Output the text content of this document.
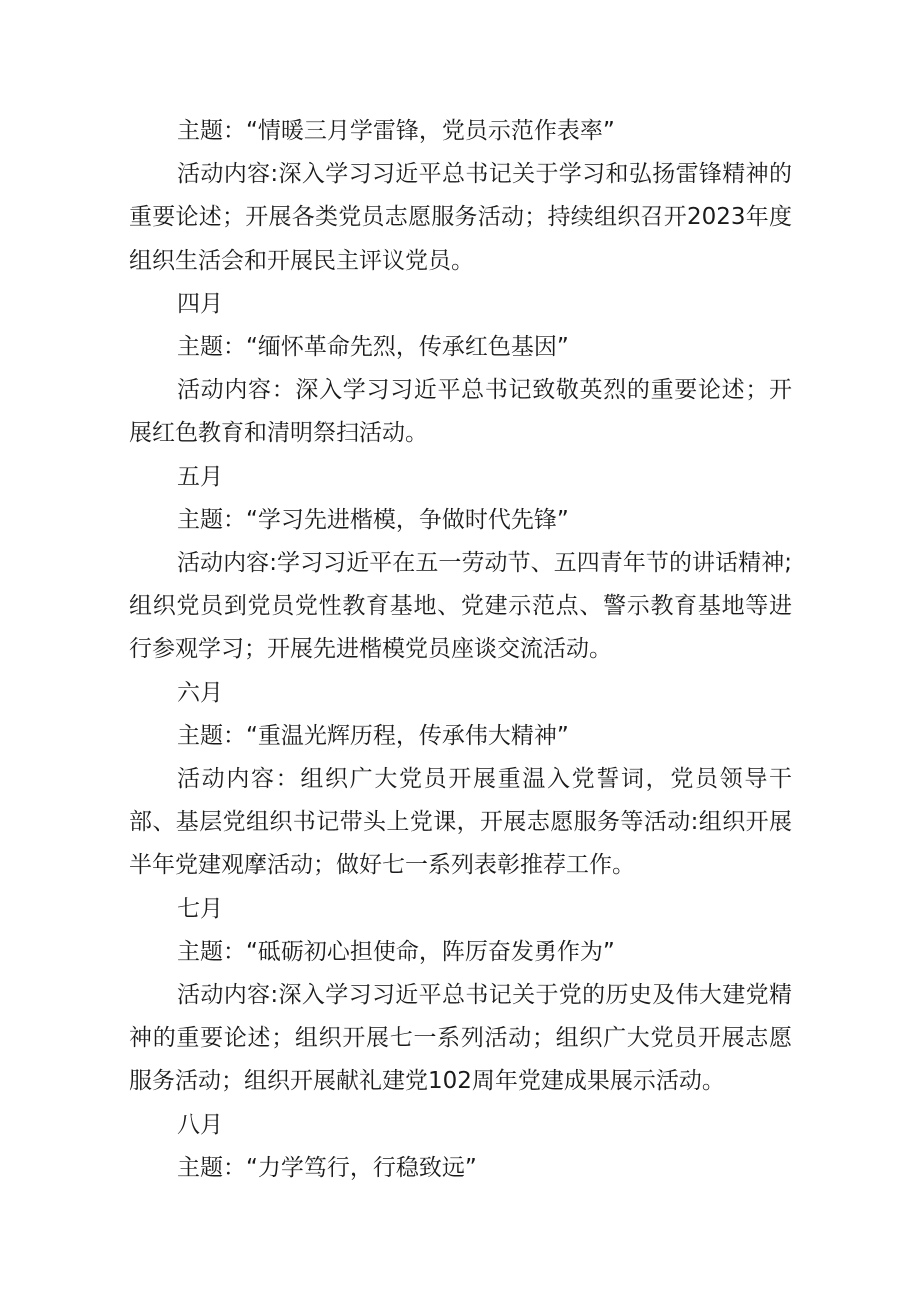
主题：“情暖三月学雷锋，党员示范作表率”

活动内容:深入学习习近平总书记关于学习和弘扬雷锋精神的重要论述；开展各类党员志愿服务活动；持续组织召开2023年度组织生活会和开展民主评议党员。

四月

主题：“缅怀革命先烈，传承红色基因”

活动内容：深入学习习近平总书记致敬英烈的重要论述；开展红色教育和清明祭扫活动。

五月

主题：“学习先进楷模，争做时代先锋”

活动内容:学习习近平在五一劳动节、五四青年节的讲话精神;组织党员到党员党性教育基地、党建示范点、警示教育基地等进行参观学习；开展先进楷模党员座谈交流活动。

六月

主题：“重温光辉历程，传承伟大精神”

活动内容：组织广大党员开展重温入党誓词，党员领导干部、基层党组织书记带头上党课，开展志愿服务等活动:组织开展半年党建观摩活动；做好七一系列表彰推荐工作。

七月

主题：“砥砺初心担使命，阵厉奋发勇作为”

活动内容:深入学习习近平总书记关于党的历史及伟大建党精神的重要论述；组织开展七一系列活动；组织广大党员开展志愿服务活动；组织开展献礼建党102周年党建成果展示活动。

八月

主题：“力学笃行，行稳致远”
